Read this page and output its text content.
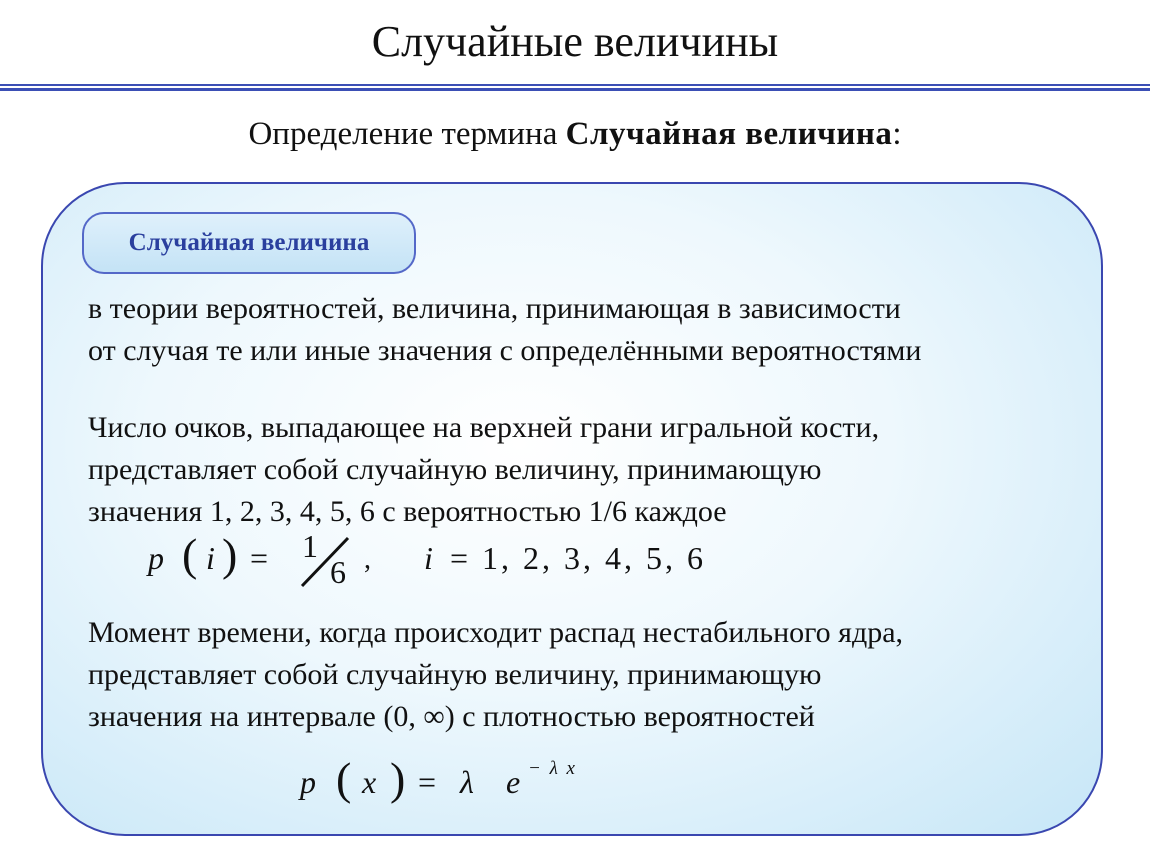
Случайные величины
Определение термина Случайная величина:
Случайная величина
в теории вероятностей, величина, принимающая в зависимости
от случая те или иные значения с определёнными вероятностями
Число очков, выпадающее на верхней грани игральной кости,
представляет собой случайную величину, принимающую
значения 1, 2, 3, 4, 5, 6 с вероятностью 1/6 каждое
p ( i ) = 1
6 , i = 1, 2, 3, 4, 5, 6
Момент времени, когда происходит распад нестабильного ядра,
представляет собой случайную величину, принимающую
значения на интервале (0, ∞) с плотностью вероятностей
p ( x ) = λ e − λ x
